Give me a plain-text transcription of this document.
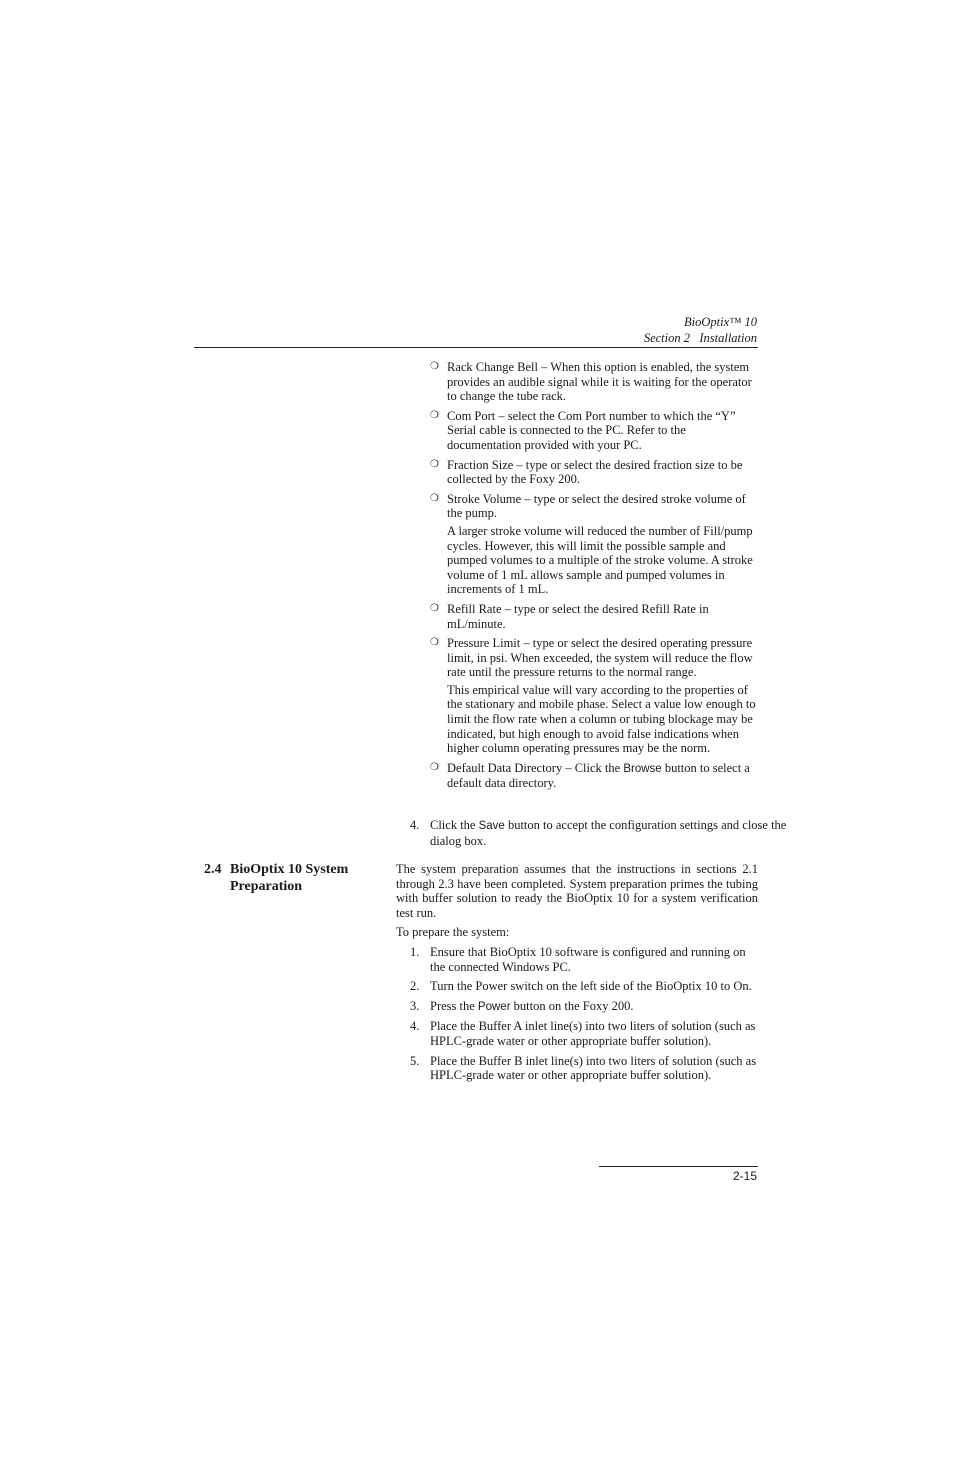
BioOptix™ 10
Section 2   Installation
❍ Rack Change Bell – When this option is enabled, the system provides an audible signal while it is waiting for the operator to change the tube rack.

❍ Com Port – select the Com Port number to which the “Y” Serial cable is connected to the PC. Refer to the documentation provided with your PC.

❍ Fraction Size – type or select the desired fraction size to be collected by the Foxy 200.

❍ Stroke Volume – type or select the desired stroke volume of the pump.

A larger stroke volume will reduced the number of Fill/pump cycles. However, this will limit the possible sample and pumped volumes to a multiple of the stroke volume. A stroke volume of 1 mL allows sample and pumped volumes in increments of 1 mL.

❍ Refill Rate – type or select the desired Refill Rate in mL/minute.

❍ Pressure Limit – type or select the desired operating pressure limit, in psi. When exceeded, the system will reduce the flow rate until the pressure returns to the normal range.

This empirical value will vary according to the properties of the stationary and mobile phase. Select a value low enough to limit the flow rate when a column or tubing blockage may be indicated, but high enough to avoid false indications when higher column operating pressures may be the norm.

❍ Default Data Directory – Click the Browse button to select a default data directory.

4. Click the Save button to accept the configuration settings and close the dialog box.
2.4 BioOptix 10 System Preparation

The system preparation assumes that the instructions in sections 2.1 through 2.3 have been completed. System preparation primes the tubing with buffer solution to ready the BioOptix 10 for a system verification test run.

To prepare the system:

1. Ensure that BioOptix 10 software is configured and running on the connected Windows PC.
2. Turn the Power switch on the left side of the BioOptix 10 to On.
3. Press the Power button on the Foxy 200.
4. Place the Buffer A inlet line(s) into two liters of solution (such as HPLC-grade water or other appropriate buffer solution).
5. Place the Buffer B inlet line(s) into two liters of solution (such as HPLC-grade water or other appropriate buffer solution).
2-15
